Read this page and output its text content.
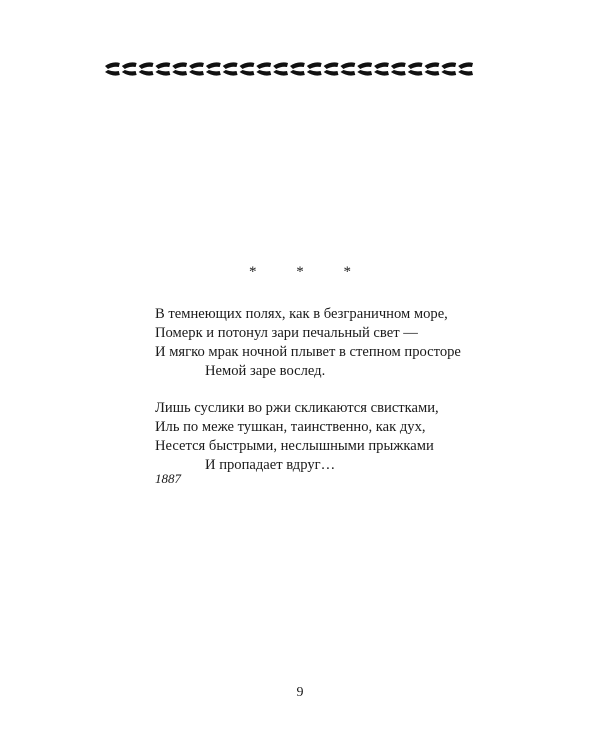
* * *
В темнеющих полях, как в безграничном море,
Померк и потонул зари печальный свет —
И мягко мрак ночной плывет в степном просторе
Немой заре вослед.
Лишь суслики во ржи скликаются свистками,
Иль по меже тушкан, таинственно, как дух,
Несется быстрыми, неслышными прыжками
И пропадает вдруг…
1887
9
